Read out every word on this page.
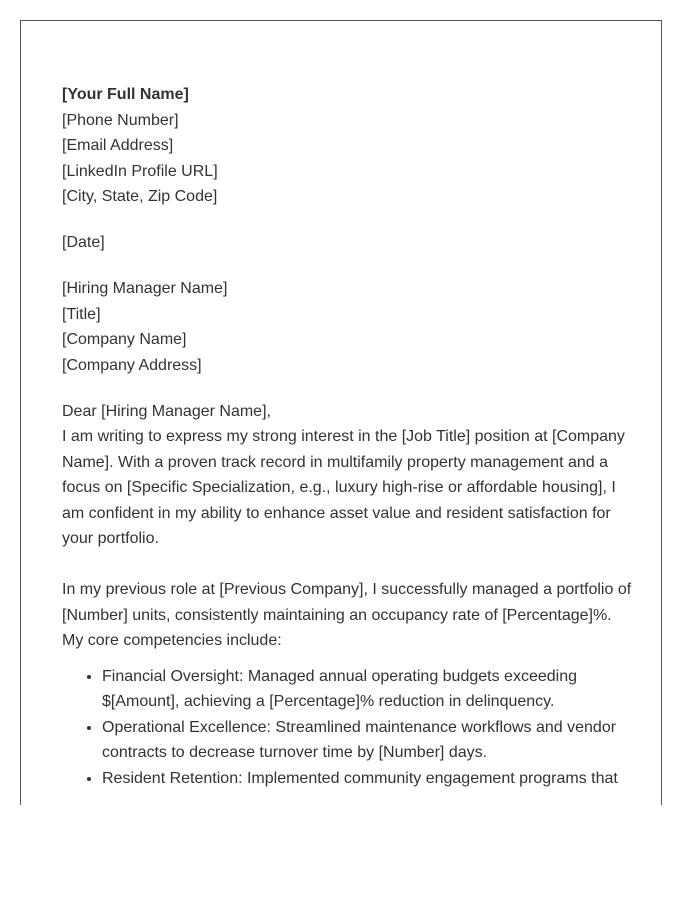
[Your Full Name]
[Phone Number]
[Email Address]
[LinkedIn Profile URL]
[City, State, Zip Code]
[Date]
[Hiring Manager Name]
[Title]
[Company Name]
[Company Address]
Dear [Hiring Manager Name],

I am writing to express my strong interest in the [Job Title] position at [Company Name]. With a proven track record in multifamily property management and a focus on [Specific Specialization, e.g., luxury high-rise or affordable housing], I am confident in my ability to enhance asset value and resident satisfaction for your portfolio.

In my previous role at [Previous Company], I successfully managed a portfolio of [Number] units, consistently maintaining an occupancy rate of [Percentage]%. My core competencies include:

• Financial Oversight: Managed annual operating budgets exceeding $[Amount], achieving a [Percentage]% reduction in delinquency.
• Operational Excellence: Streamlined maintenance workflows and vendor contracts to decrease turnover time by [Number] days.
• Resident Retention: Implemented community engagement programs that
